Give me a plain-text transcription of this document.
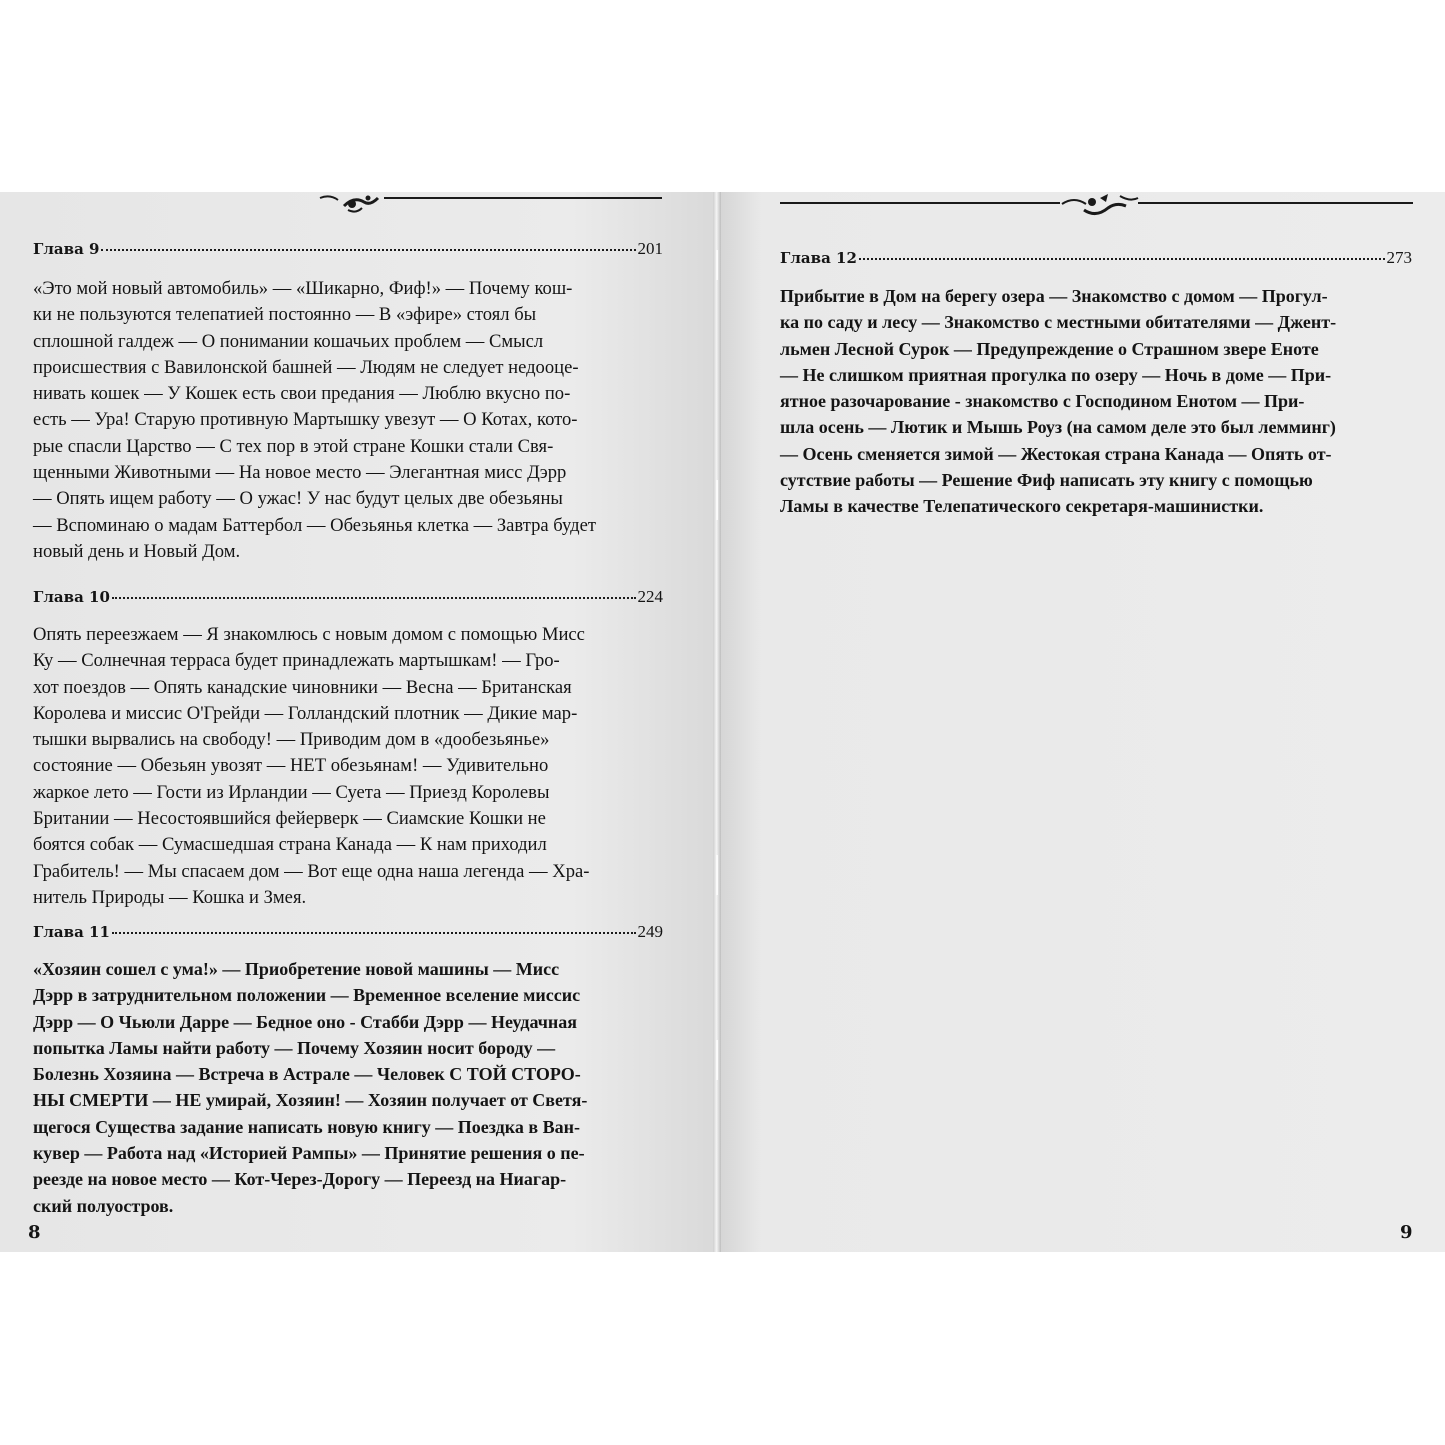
Глава 9	201
«Это мой новый автомобиль» — «Шикарно, Фиф!» — Почему кош-
ки не пользуются телепатией постоянно — В «эфире» стоял бы
сплошной галдеж — О понимании кошачьих проблем — Смысл
происшествия с Вавилонской башней — Людям не следует недооце-
нивать кошек — У Кошек есть свои предания — Люблю вкусно по-
есть — Ура! Старую противную Мартышку увезут — О Котах, кото-
рые спасли Царство — С тех пор в этой стране Кошки стали Свя-
щенными Животными — На новое место — Элегантная мисс Дэрр
— Опять ищем работу — О ужас! У нас будут целых две обезьяны
— Вспоминаю о мадам Баттербол — Обезьянья клетка — Завтра будет
новый день и Новый Дом.
Глава 10	224
Опять переезжаем — Я знакомлюсь с новым домом с помощью Мисс
Ку — Солнечная терраса будет принадлежать мартышкам! — Гро-
хот поездов — Опять канадские чиновники — Весна — Британская
Королева и миссис О'Грейди — Голландский плотник — Дикие мар-
тышки вырвались на свободу! — Приводим дом в «дообезьянье»
состояние — Обезьян увозят — НЕТ обезьянам! — Удивительно
жаркое лето — Гости из Ирландии — Суета — Приезд Королевы
Британии — Несостоявшийся фейерверк — Сиамские Кошки не
боятся собак — Сумасшедшая страна Канада — К нам приходил
Грабитель! — Мы спасаем дом — Вот еще одна наша легенда — Хра-
нитель Природы — Кошка и Змея.
Глава 11	249
«Хозяин сошел с ума!» — Приобретение новой машины — Мисс
Дэрр в затруднительном положении — Временное вселение миссис
Дэрр — О Чьюли Дарре — Бедное оно - Стабби Дэрр — Неудачная
попытка Ламы найти работу — Почему Хозяин носит бороду —
Болезнь Хозяина — Встреча в Астрале — Человек С ТОЙ СТОРО-
НЫ СМЕРТИ — НЕ умирай, Хозяин! — Хозяин получает от Светя-
щегося Существа задание написать новую книгу — Поездка в Ван-
кувер — Работа над «Историей Рампы» — Принятие решения о пе-
реезде на новое место — Кот-Через-Дорогу — Переезд на Ниагар-
ский полуостров.
8
Глава 12	273
Прибытие в Дом на берегу озера — Знакомство с домом — Прогул-
ка по саду и лесу — Знакомство с местными обитателями — Джент-
льмен Лесной Сурок — Предупреждение о Страшном звере Еноте
— Не слишком приятная прогулка по озеру — Ночь в доме — При-
ятное разочарование - знакомство с Господином Енотом — При-
шла осень — Лютик и Мышь Роуз (на самом деле это был лемминг)
— Осень сменяется зимой — Жестокая страна Канада — Опять от-
сутствие работы — Решение Фиф написать эту книгу с помощью
Ламы в качестве Телепатического секретаря-машинистки.
9
